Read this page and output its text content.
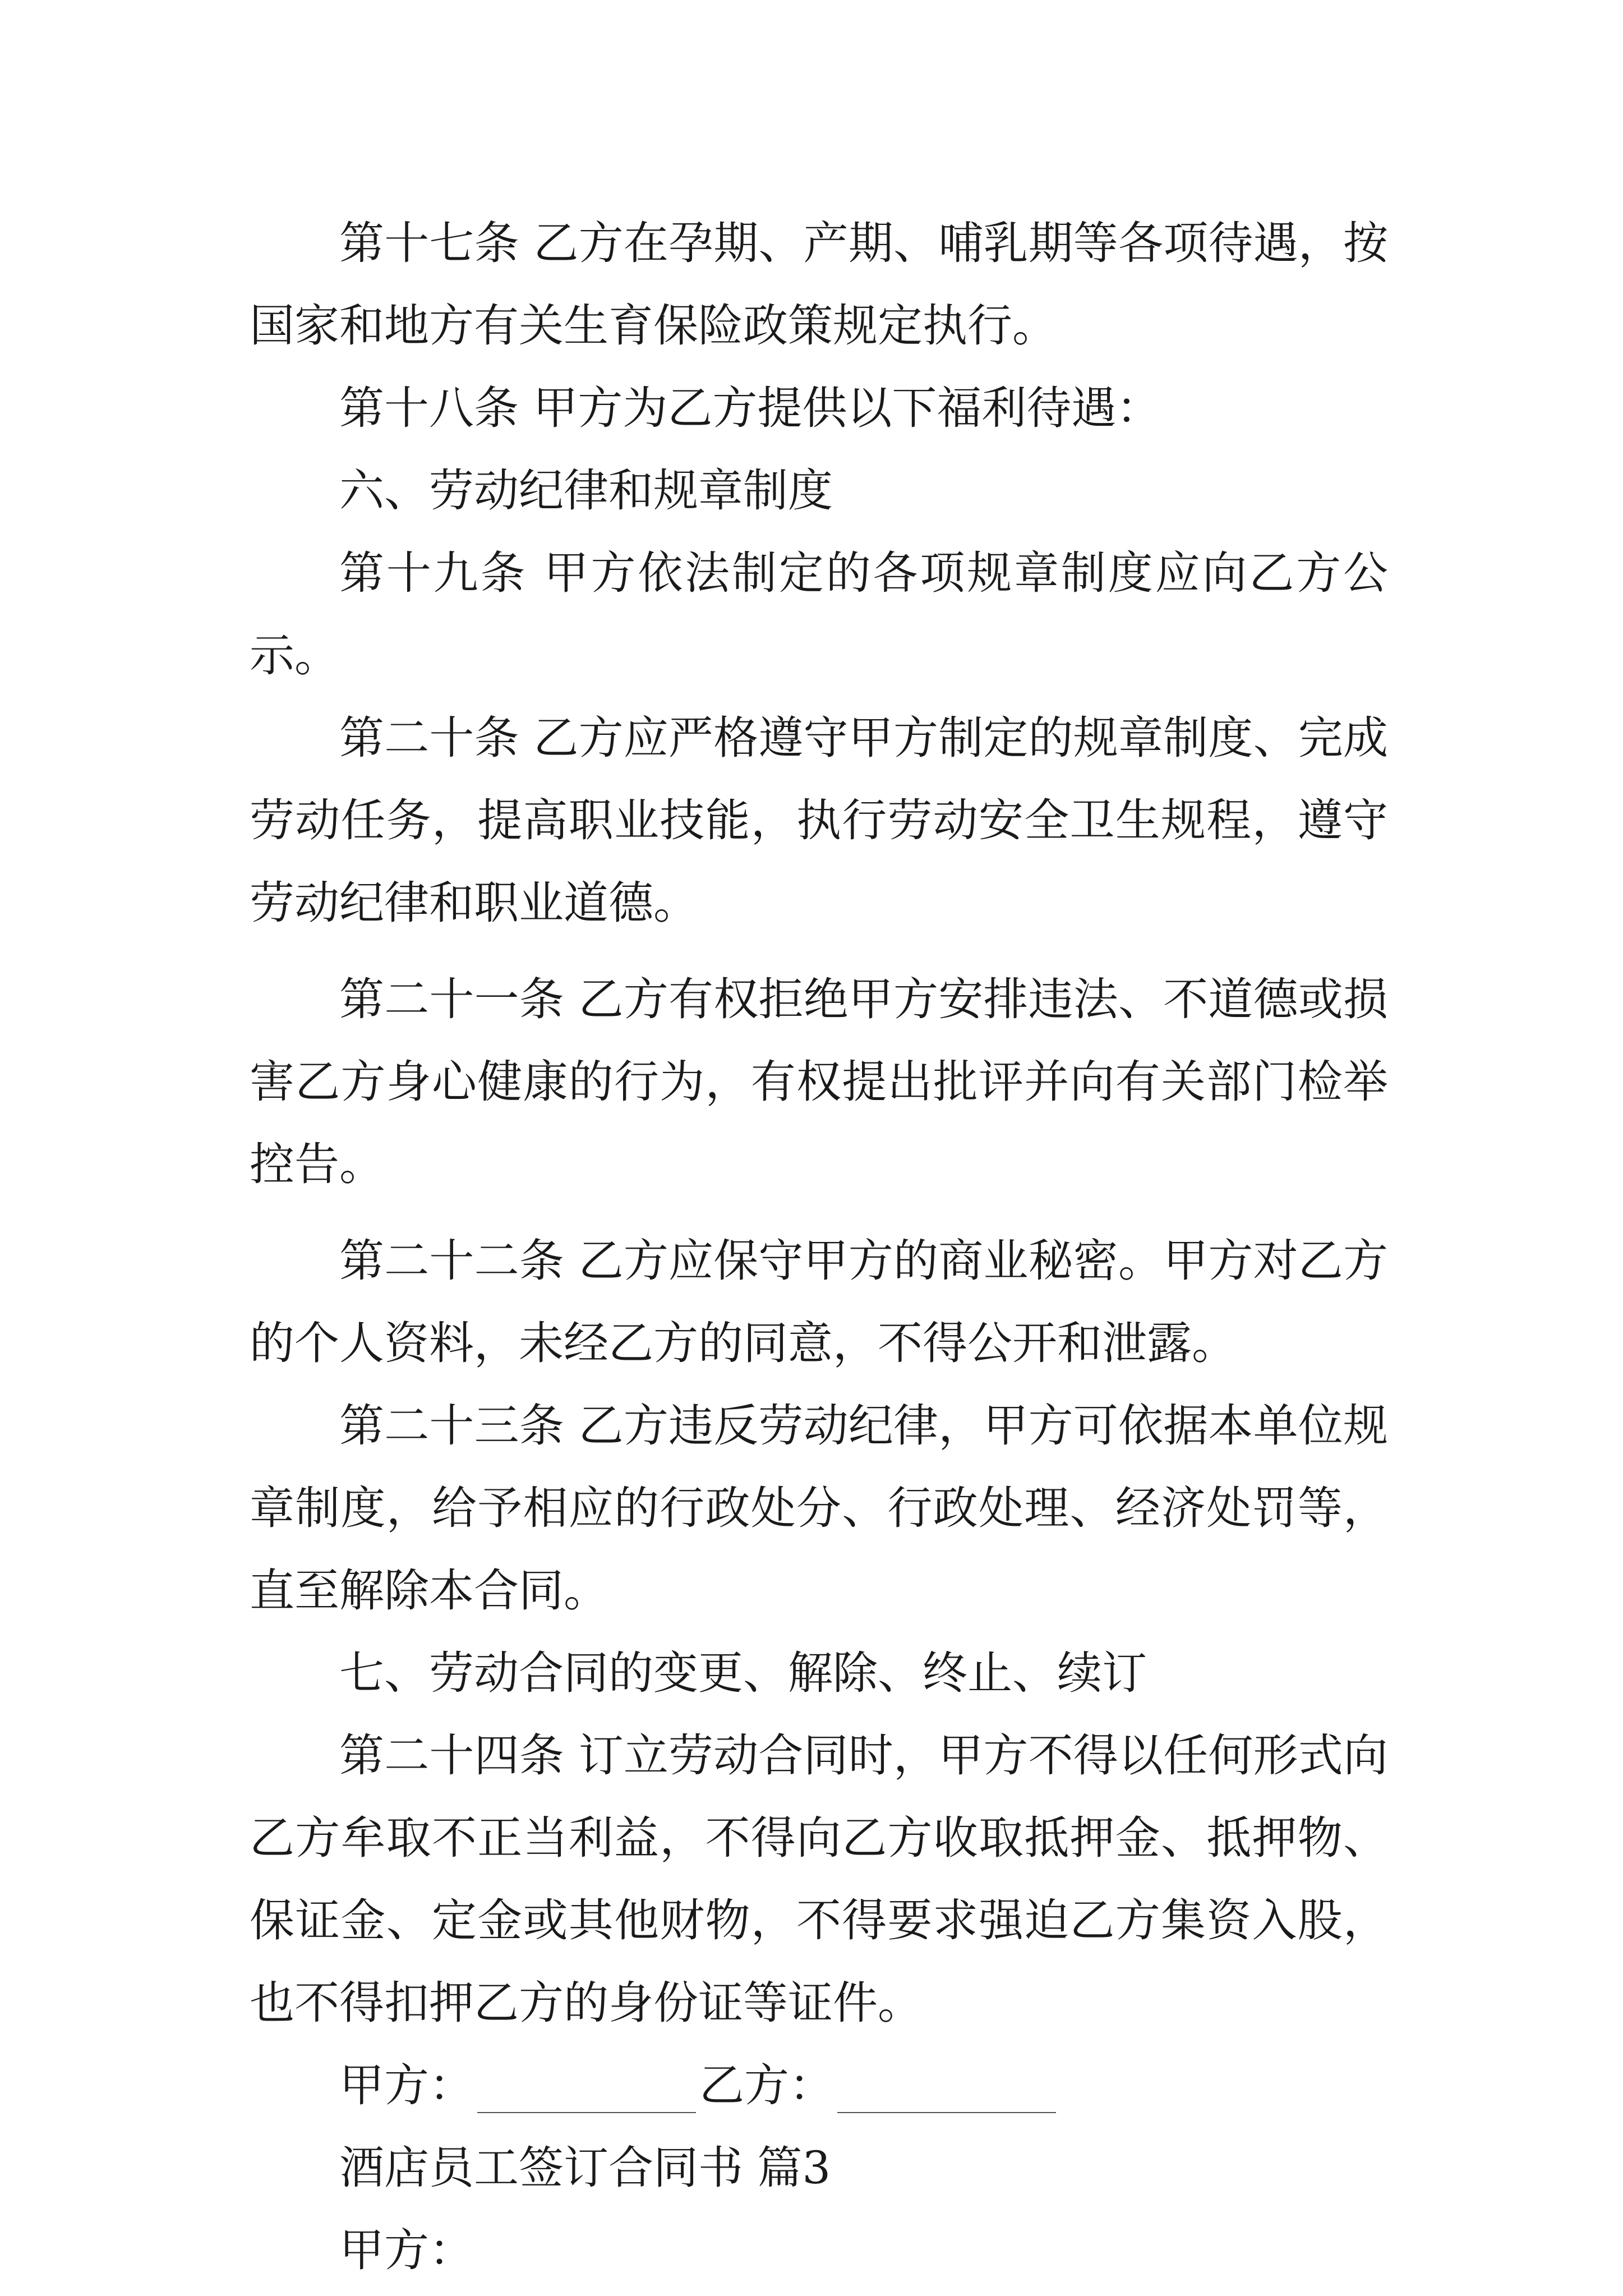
第十七条 乙方在孕期、产期、哺乳期等各项待遇，按国家和地方有关生育保险政策规定执行。

第十八条 甲方为乙方提供以下福利待遇：

六、劳动纪律和规章制度

第十九条 甲方依法制定的各项规章制度应向乙方公示。

第二十条 乙方应严格遵守甲方制定的规章制度、完成劳动任务，提高职业技能，执行劳动安全卫生规程，遵守劳动纪律和职业道德。

第二十一条 乙方有权拒绝甲方安排违法、不道德或损害乙方身心健康的行为，有权提出批评并向有关部门检举控告。

第二十二条 乙方应保守甲方的商业秘密。甲方对乙方的个人资料，未经乙方的同意，不得公开和泄露。

第二十三条 乙方违反劳动纪律，甲方可依据本单位规章制度，给予相应的行政处分、行政处理、经济处罚等，直至解除本合同。

七、劳动合同的变更、解除、终止、续订

第二十四条 订立劳动合同时，甲方不得以任何形式向乙方牟取不正当利益，不得向乙方收取抵押金、抵押物、保证金、定金或其他财物，不得要求强迫乙方集资入股，也不得扣押乙方的身份证等证件。

甲方：	乙方：

酒店员工签订合同书 篇3

甲方：
